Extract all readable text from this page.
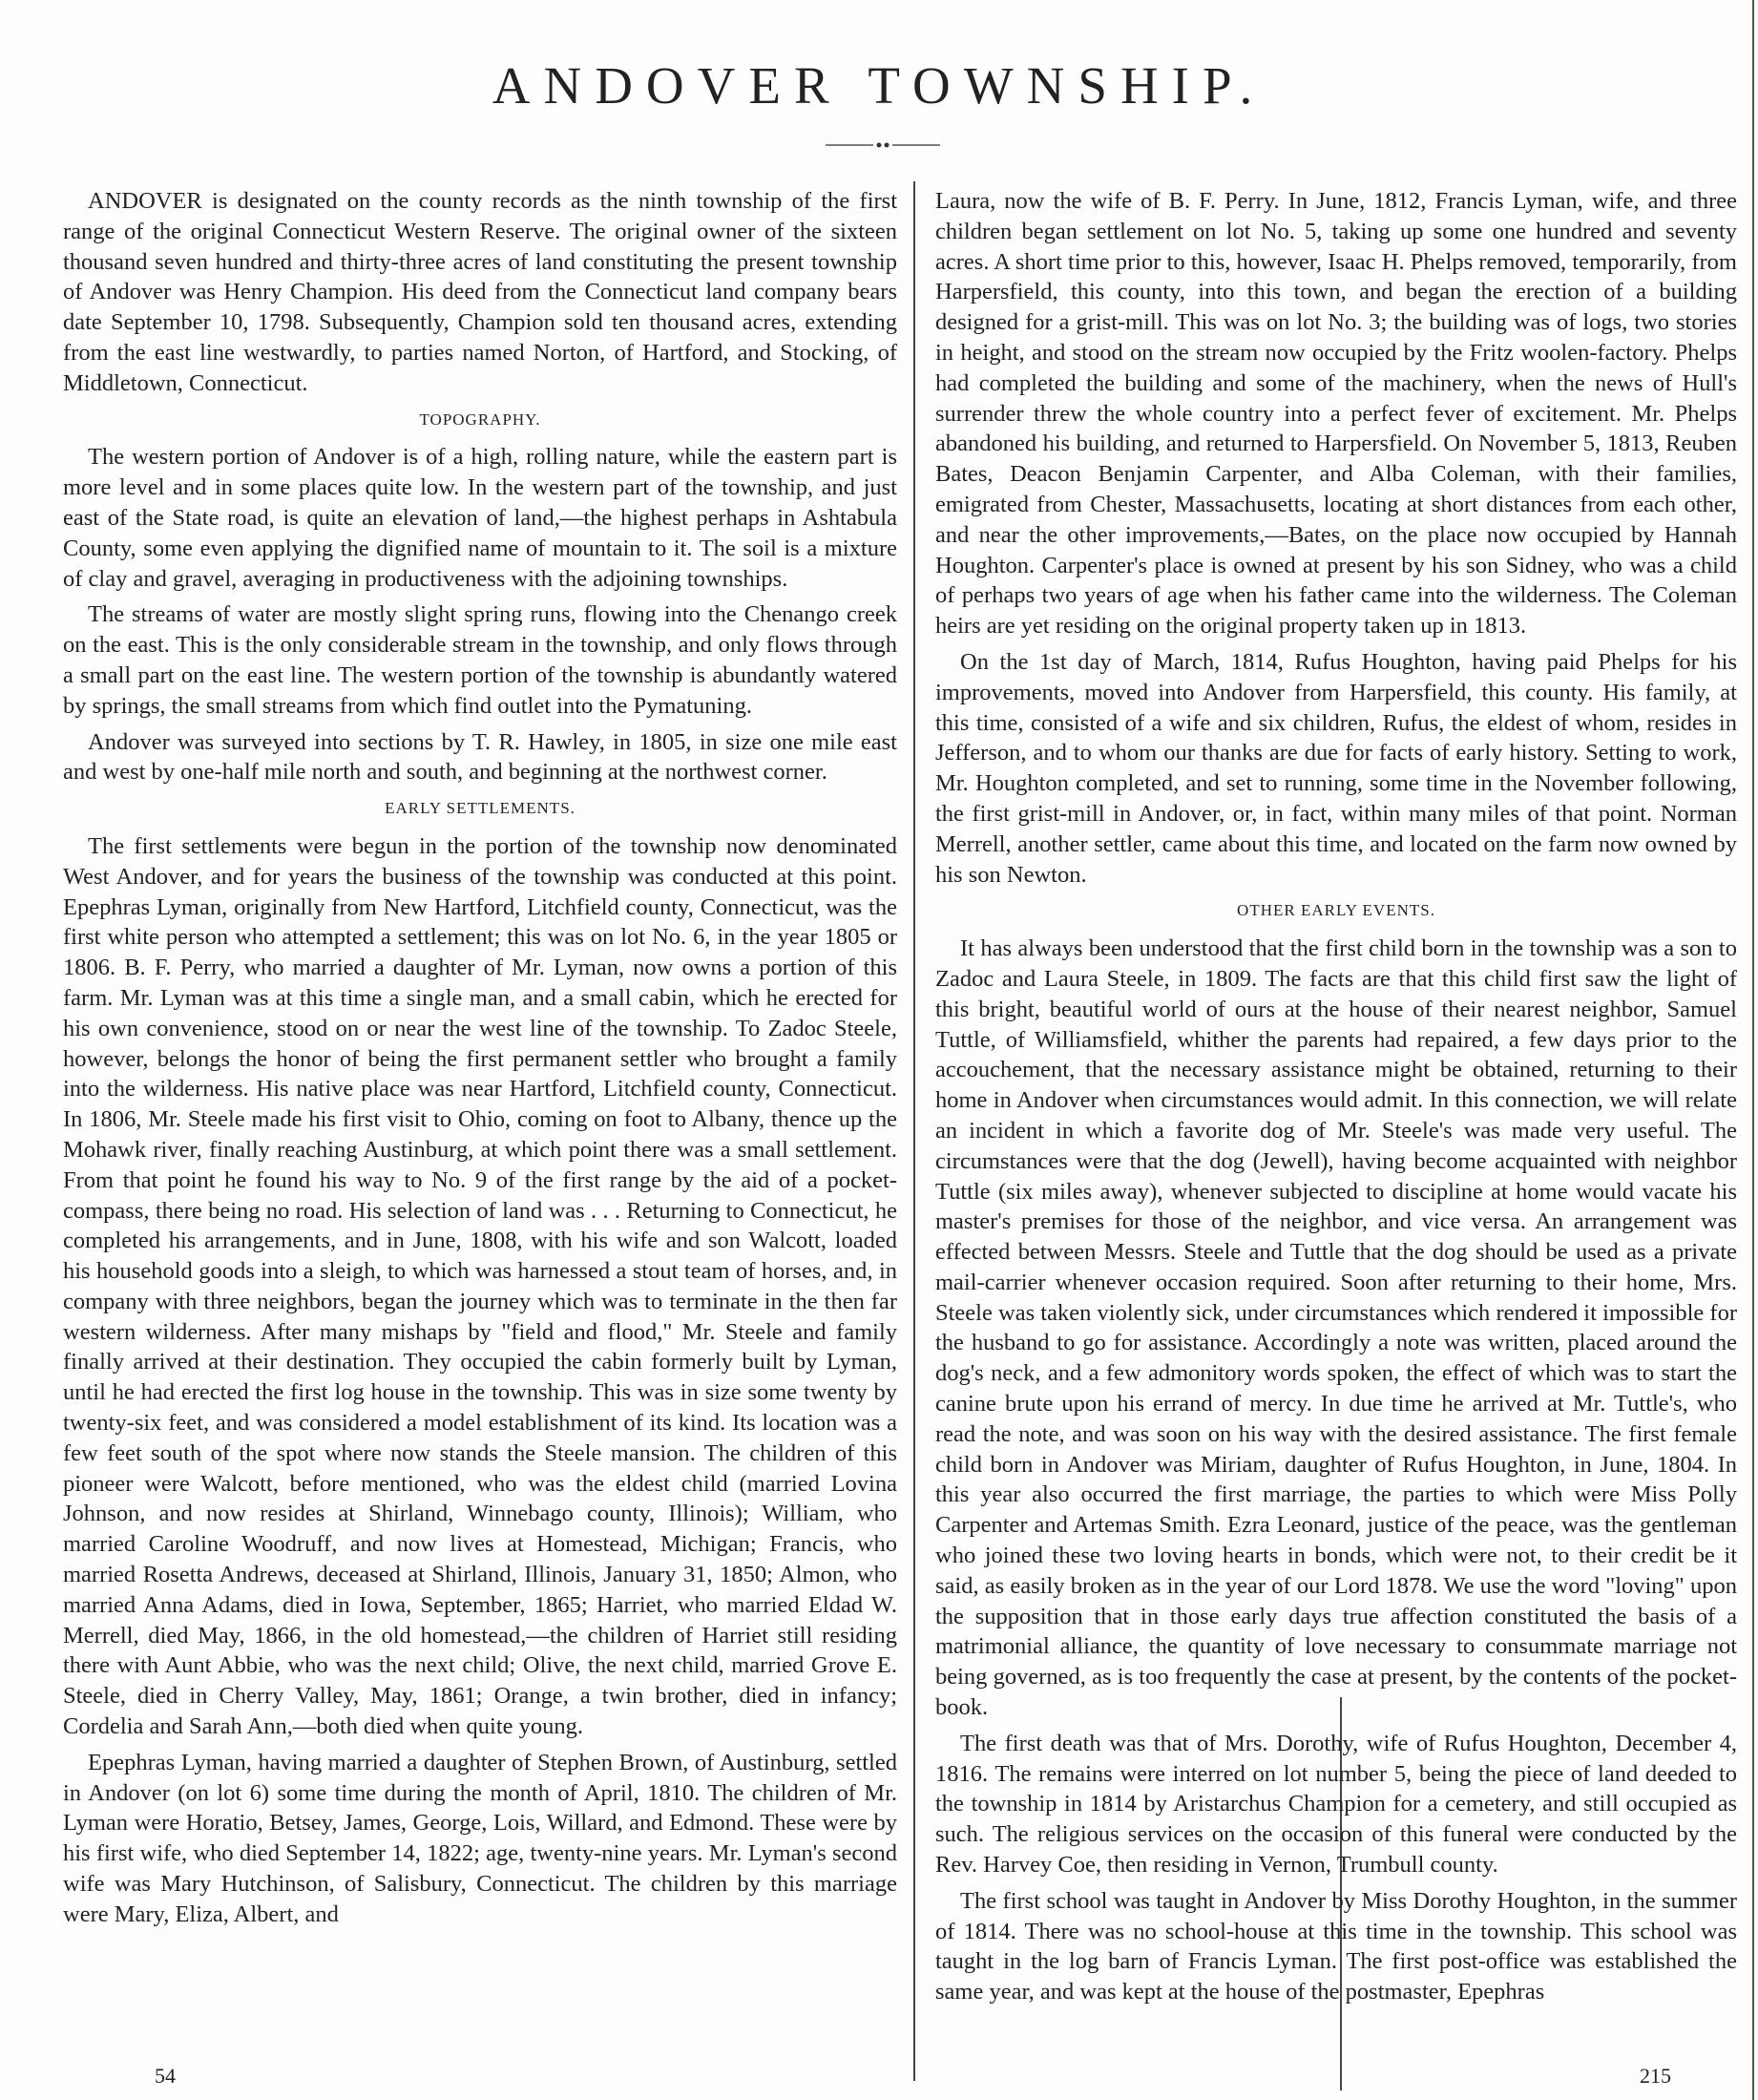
ANDOVER TOWNSHIP.

ANDOVER is designated on the county records as the ninth township of the first range of the original Connecticut Western Reserve. The original owner of the sixteen thousand seven hundred and thirty-three acres of land constituting the present township of Andover was Henry Champion. His deed from the Connecticut land company bears date September 10, 1798. Subsequently, Champion sold ten thousand acres, extending from the east line westwardly, to parties named Norton, of Hartford, and Stocking, of Middletown, Connecticut.

TOPOGRAPHY.

The western portion of Andover is of a high, rolling nature, while the eastern part is more level and in some places quite low. In the western part of the township, and just east of the State road, is quite an elevation of land,—the highest perhaps in Ashtabula County, some even applying the dignified name of mountain to it. The soil is a mixture of clay and gravel, averaging in productiveness with the adjoining townships.

The streams of water are mostly slight spring runs, flowing into the Chenango creek on the east. This is the only considerable stream in the township, and only flows through a small part on the east line. The western portion of the township is abundantly watered by springs, the small streams from which find outlet into the Pymatuning.

Andover was surveyed into sections by T. R. Hawley, in 1805, in size one mile east and west by one-half mile north and south, and beginning at the northwest corner.

EARLY SETTLEMENTS.

The first settlements were begun in the portion of the township now denominated West Andover, and for years the business of the township was conducted at this point. Epephras Lyman, originally from New Hartford, Litchfield county, Connecticut, was the first white person who attempted a settlement; this was on lot No. 6, in the year 1805 or 1806. B. F. Perry, who married a daughter of Mr. Lyman, now owns a portion of this farm. Mr. Lyman was at this time a single man, and a small cabin, which he erected for his own convenience, stood on or near the west line of the township. To Zadoc Steele, however, belongs the honor of being the first permanent settler who brought a family into the wilderness. His native place was near Hartford, Litchfield county, Connecticut. In 1806, Mr. Steele made his first visit to Ohio, coming on foot to Albany, thence up the Mohawk river, finally reaching Austinburg, at which point there was a small settlement. From that point he found his way to No. 9 of the first range by the aid of a pocket-compass, there being no road. His selection of land was . . . Returning to Connecticut, he completed his arrangements, and in June, 1808, with his wife and son Walcott, loaded his household goods into a sleigh, to which was harnessed a stout team of horses, and, in company with three neighbors, began the journey which was to terminate in the then far western wilderness. After many mishaps by "field and flood," Mr. Steele and family finally arrived at their destination. They occupied the cabin formerly built by Lyman, until he had erected the first log house in the township. This was in size some twenty by twenty-six feet, and was considered a model establishment of its kind. Its location was a few feet south of the spot where now stands the Steele mansion. The children of this pioneer were Walcott, before mentioned, who was the eldest child (married Lovina Johnson, and now resides at Shirland, Winnebago county, Illinois); William, who married Caroline Woodruff, and now lives at Homestead, Michigan; Francis, who married Rosetta Andrews, deceased at Shirland, Illinois, January 31, 1850; Almon, who married Anna Adams, died in Iowa, September, 1865; Harriet, who married Eldad W. Merrell, died May, 1866, in the old homestead,—the children of Harriet still residing there with Aunt Abbie, who was the next child; Olive, the next child, married Grove E. Steele, died in Cherry Valley, May, 1861; Orange, a twin brother, died in infancy; Cordelia and Sarah Ann,—both died when quite young.

Epephras Lyman, having married a daughter of Stephen Brown, of Austinburg, settled in Andover (on lot 6) some time during the month of April, 1810. The children of Mr. Lyman were Horatio, Betsey, James, George, Lois, Willard, and Edmond. These were by his first wife, who died September 14, 1822; age, twenty-nine years. Mr. Lyman's second wife was Mary Hutchinson, of Salisbury, Connecticut. The children by this marriage were Mary, Eliza, Albert, and

Laura, now the wife of B. F. Perry. In June, 1812, Francis Lyman, wife, and three children began settlement on lot No. 5, taking up some one hundred and seventy acres. A short time prior to this, however, Isaac H. Phelps removed, temporarily, from Harpersfield, this county, into this town, and began the erection of a building designed for a grist-mill. This was on lot No. 3; the building was of logs, two stories in height, and stood on the stream now occupied by the Fritz woolen-factory. Phelps had completed the building and some of the machinery, when the news of Hull's surrender threw the whole country into a perfect fever of excitement. Mr. Phelps abandoned his building, and returned to Harpersfield. On November 5, 1813, Reuben Bates, Deacon Benjamin Carpenter, and Alba Coleman, with their families, emigrated from Chester, Massachusetts, locating at short distances from each other, and near the other improvements,—Bates, on the place now occupied by Hannah Houghton. Carpenter's place is owned at present by his son Sidney, who was a child of perhaps two years of age when his father came into the wilderness. The Coleman heirs are yet residing on the original property taken up in 1813.

On the 1st day of March, 1814, Rufus Houghton, having paid Phelps for his improvements, moved into Andover from Harpersfield, this county. His family, at this time, consisted of a wife and six children, Rufus, the eldest of whom, resides in Jefferson, and to whom our thanks are due for facts of early history. Setting to work, Mr. Houghton completed, and set to running, some time in the November following, the first grist-mill in Andover, or, in fact, within many miles of that point. Norman Merrell, another settler, came about this time, and located on the farm now owned by his son Newton.

OTHER EARLY EVENTS.

It has always been understood that the first child born in the township was a son to Zadoc and Laura Steele, in 1809. The facts are that this child first saw the light of this bright, beautiful world of ours at the house of their nearest neighbor, Samuel Tuttle, of Williamsfield, whither the parents had repaired, a few days prior to the accouchement, that the necessary assistance might be obtained, returning to their home in Andover when circumstances would admit. In this connection, we will relate an incident in which a favorite dog of Mr. Steele's was made very useful. The circumstances were that the dog (Jewell), having become acquainted with neighbor Tuttle (six miles away), whenever subjected to discipline at home would vacate his master's premises for those of the neighbor, and vice versa. An arrangement was effected between Messrs. Steele and Tuttle that the dog should be used as a private mail-carrier whenever occasion required. Soon after returning to their home, Mrs. Steele was taken violently sick, under circumstances which rendered it impossible for the husband to go for assistance. Accordingly a note was written, placed around the dog's neck, and a few admonitory words spoken, the effect of which was to start the canine brute upon his errand of mercy. In due time he arrived at Mr. Tuttle's, who read the note, and was soon on his way with the desired assistance. The first female child born in Andover was Miriam, daughter of Rufus Houghton, in June, 1804. In this year also occurred the first marriage, the parties to which were Miss Polly Carpenter and Artemas Smith. Ezra Leonard, justice of the peace, was the gentleman who joined these two loving hearts in bonds, which were not, to their credit be it said, as easily broken as in the year of our Lord 1878. We use the word "loving" upon the supposition that in those early days true affection constituted the basis of a matrimonial alliance, the quantity of love necessary to consummate marriage not being governed, as is too frequently the case at present, by the contents of the pocket-book.

The first death was that of Mrs. Dorothy, wife of Rufus Houghton, December 4, 1816. The remains were interred on lot number 5, being the piece of land deeded to the township in 1814 by Aristarchus Champion for a cemetery, and still occupied as such. The religious services on the occasion of this funeral were conducted by the Rev. Harvey Coe, then residing in Vernon, Trumbull county.

The first school was taught in Andover by Miss Dorothy Houghton, in the summer of 1814. There was no school-house at this time in the township. This school was taught in the log barn of Francis Lyman. The first post-office was established the same year, and was kept at the house of the postmaster, Epephras

54	215
